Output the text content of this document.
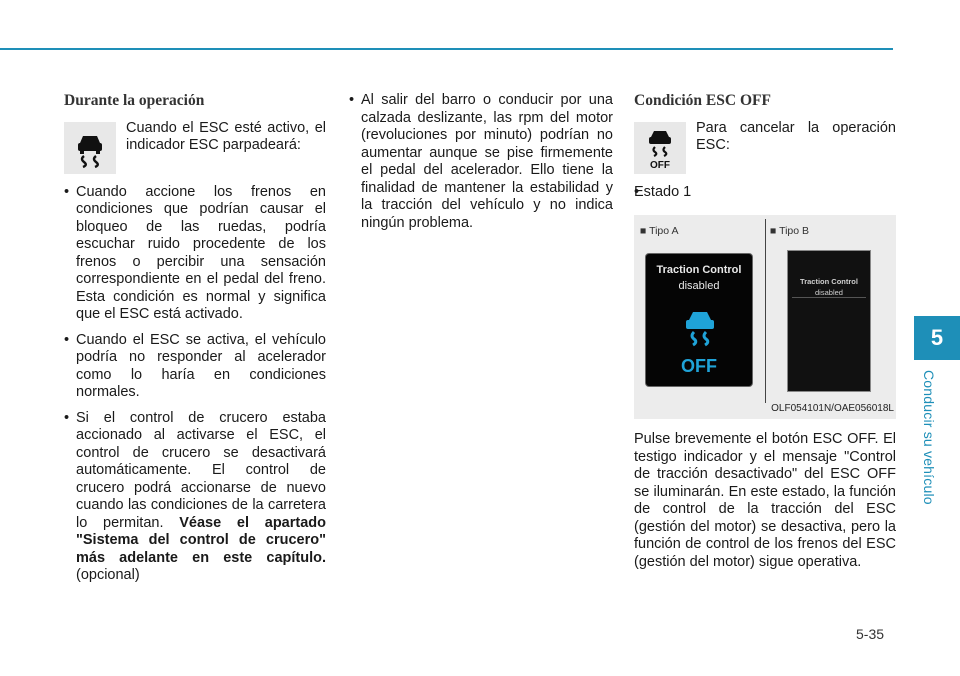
5
Conducir su vehículo
Durante la operación
Cuando el ESC esté activo, el indicador ESC parpadeará:
• Cuando accione los frenos en condiciones que podrían causar el bloqueo de las ruedas, podría escuchar ruido procedente de los frenos o percibir una sensación correspondiente en el pedal del freno. Esta condición es normal y significa que el ESC está activado.
• Cuando el ESC se activa, el vehículo podría no responder al acelerador como lo haría en condiciones normales.
• Si el control de crucero estaba accionado al activarse el ESC, el control de crucero se desactivará automáticamente. El control de crucero podrá accionarse de nuevo cuando las condiciones de la carretera lo permitan. Véase el apartado "Sistema del control de crucero" más adelante en este capítulo. (opcional)
• Al salir del barro o conducir por una calzada deslizante, las rpm del motor (revoluciones por minuto) podrían no aumentar aunque se pise firmemente el pedal del acelerador. Ello tiene la finalidad de mantener la estabilidad y la tracción del vehículo y no indica ningún problema.
Condición ESC OFF
OFF
Para cancelar la operación ESC:
• Estado 1
■ Tipo A	■ Tipo B
Traction Control
disabled
OFF
Traction Control
disabled
OLF054101N/OAE056018L
Pulse brevemente el botón ESC OFF. El testigo indicador y el mensaje "Control de tracción desactivado" del ESC OFF se iluminarán. En este estado, la función de control de la tracción del ESC (gestión del motor) se desactiva, pero la función de control de los frenos del ESC (gestión del motor) sigue operativa.
5-35
